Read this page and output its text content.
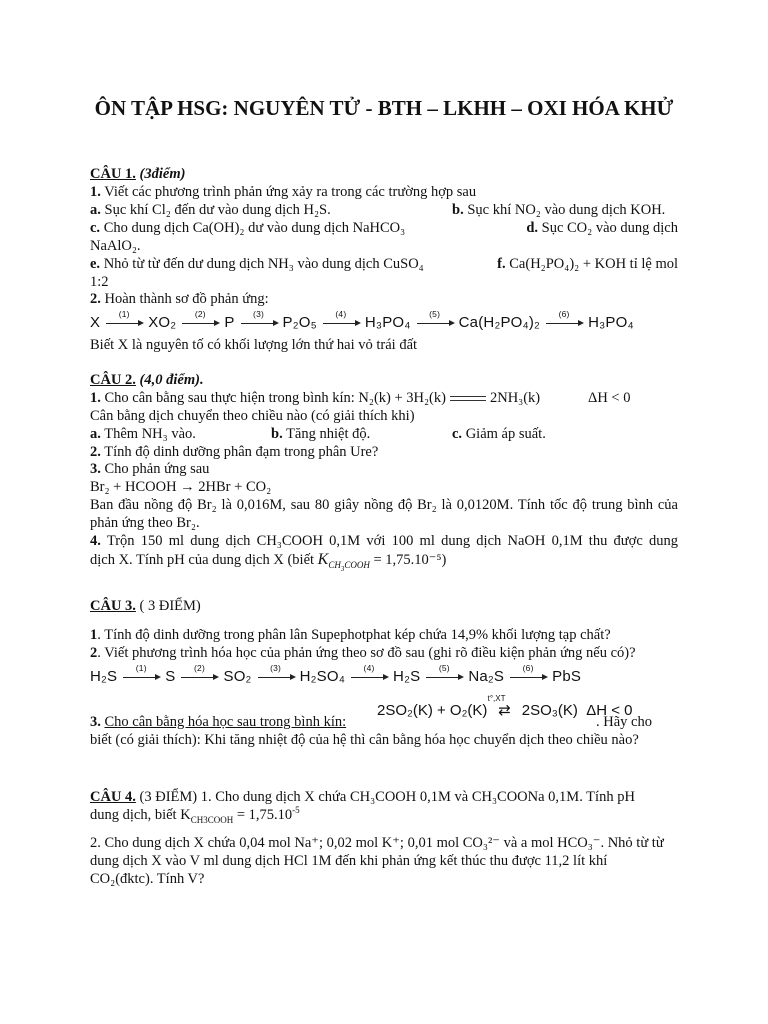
ÔN TẬP HSG: NGUYÊN TỬ - BTH – LKHH – OXI HÓA KHỬ
CÂU 1. (3điểm)
1. Viết các phương trình phản ứng xảy ra trong các trường hợp sau
a. Sục khí Cl₂ đến dư vào dung dịch H₂S.	b. Sục khí NO₂ vào dung dịch KOH.
c. Cho dung dịch Ca(OH)₂ dư vào dung dịch NaHCO₃	d. Sục CO₂ vào dung dịch
NaAlO₂.
e. Nhỏ từ từ đến dư dung dịch NH₃ vào dung dịch CuSO₄	f. Ca(H₂PO₄)₂ + KOH tỉ lệ mol
1:2
2. Hoàn thành sơ đồ phản ứng:
X	(1)	XO₂	(2)	P	(3)	P₂O₅	(4)	H₃PO₄	(5)	Ca(H₂PO₄)₂	(6)	H₃PO₄
Biết X là nguyên tố có khối lượng lớn thứ hai vỏ trái đất
CÂU 2. (4,0 điểm).
1. Cho cân bằng sau thực hiện trong bình kín: N₂(k) + 3H₂(k)	2NH₃(k)	ΔH < 0
Cân bằng dịch chuyển theo chiều nào (có giải thích khi)
a. Thêm NH₃ vào.	b. Tăng nhiệt độ.	c. Giảm áp suất.
2. Tính độ dinh dưỡng phân đạm trong phân Ure?
3. Cho phản ứng sau
Br₂ + HCOOH → 2HBr + CO₂
Ban đầu nồng độ Br₂ là 0,016M, sau 80 giây nồng độ Br₂ là 0,0120M. Tính tốc độ trung bình của
phản ứng theo Br₂.
4. Trộn 150 ml dung dịch CH₃COOH 0,1M với 100 ml dung dịch NaOH 0,1M thu được dung
dịch X. Tính pH của dung dịch X (biết $K_{CH_3COOH} = 1,75.10^{-5}$)
CÂU 3. ( 3 ĐIỂM)
1. Tính độ dinh dưỡng trong phân lân Supephotphat kép chứa 14,9% khối lượng tạp chất?
2. Viết phương trình hóa học của phản ứng theo sơ đồ sau (ghi rõ điều kiện phản ứng nếu có)?
H₂S	(1)	S	(2)	SO₂	(3)	H₂SO₄	(4)	H₂S	(5)	Na₂S	(6)	PbS
3. Cho cân bằng hóa học sau trong bình kín:
2SO₂(K) + O₂(K)
t°,XT
⇄ 2SO₃(K) ΔH < 0
. Hãy cho
biết (có giải thích): Khi tăng nhiệt độ của hệ thì cân bằng hóa học chuyển dịch theo chiều nào?
CÂU 4. (3 ĐIỂM) 1. Cho dung dịch X chứa CH₃COOH 0,1M và CH₃COONa 0,1M. Tính pH
dung dịch, biết $K_{CH3COOH} = 1,75.10^{-5}$
2. Cho dung dịch X chứa 0,04 mol Na⁺; 0,02 mol K⁺; 0,01 mol CO₃²⁻ và a mol HCO₃⁻. Nhỏ từ từ
dung dịch X vào V ml dung dịch HCl 1M đến khi phản ứng kết thúc thu được 11,2 lít khí
CO₂(đktc). Tính V?
